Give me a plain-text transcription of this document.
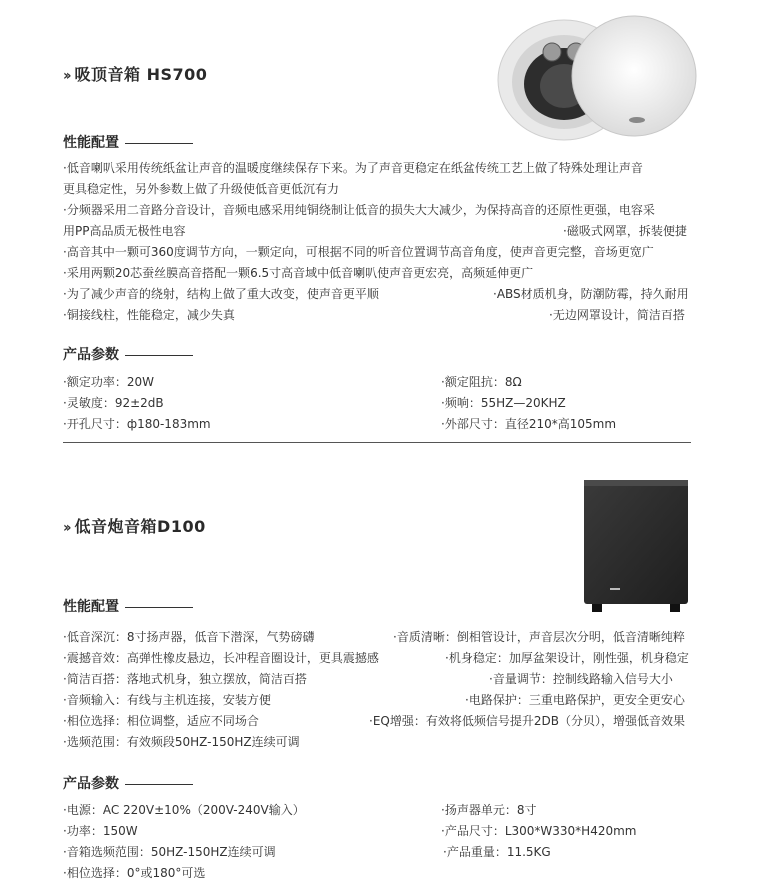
›› 吸顶音箱 HS700
性能配置
·低音喇叭采用传统纸盆让声音的温暖度继续保存下来。为了声音更稳定在纸盆传统工艺上做了特殊处理让声音
更具稳定性，另外参数上做了升级使低音更低沉有力
·分频器采用二音路分音设计，音频电感采用纯铜绕制让低音的损失大大减少，为保持高音的还原性更强，电容采
用PP高品质无极性电容	·磁吸式网罩，拆装便捷
·高音其中一颗可360度调节方向，一颗定向，可根据不同的听音位置调节高音角度，使声音更完整，音场更宽广
·采用两颗20芯蚕丝膜高音搭配一颗6.5寸高音域中低音喇叭使声音更宏亮，高频延伸更广
·为了减少声音的绕射，结构上做了重大改变，使声音更平顺	·ABS材质机身，防潮防霉，持久耐用
·铜接线柱，性能稳定，减少失真	·无边网罩设计，简洁百搭
产品参数
·额定功率：20W	·额定阻抗：8Ω
·灵敏度：92±2dB	·频响：55HZ—20KHZ
·开孔尺寸：ф180-183mm	·外部尺寸：直径210*高105mm
›› 低音炮音箱D100
性能配置
·低音深沉：8寸扬声器，低音下潜深，气势磅礴	·音质清晰：倒相管设计，声音层次分明，低音清晰纯粹
·震撼音效：高弹性橡皮悬边，长冲程音圈设计，更具震撼感	·机身稳定：加厚盆架设计，刚性强，机身稳定
·简洁百搭：落地式机身，独立摆放，简洁百搭	·音量调节：控制线路输入信号大小
·音频输入：有线与主机连接，安装方便	·电路保护：三重电路保护，更安全更安心
·相位选择：相位调整，适应不同场合	·EQ增强：有效将低频信号提升2DB（分贝），增强低音效果
·选频范围：有效频段50HZ-150HZ连续可调
产品参数
·电源：AC 220V±10%（200V-240V输入）	·扬声器单元：8寸
·功率：150W	·产品尺寸：L300*W330*H420mm
·音箱选频范围：50HZ-150HZ连续可调	·产品重量：11.5KG
·相位选择：0°或180°可选
